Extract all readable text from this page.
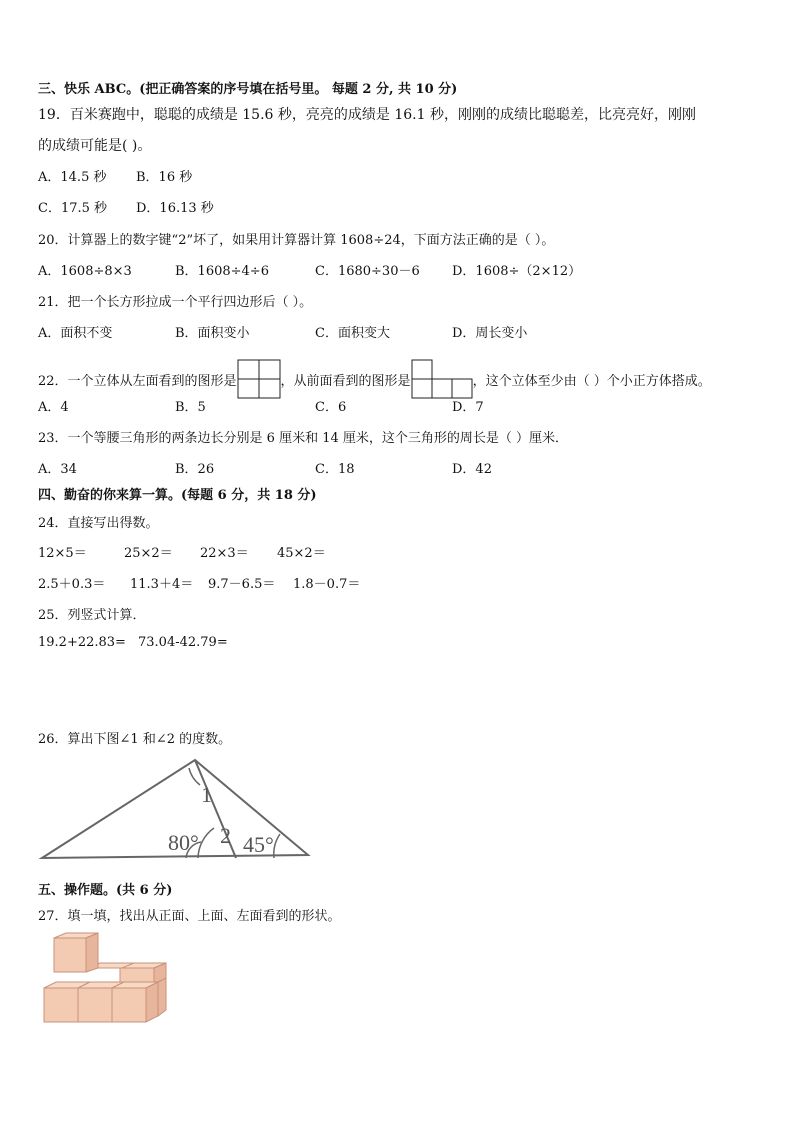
三、快乐 ABC。(把正确答案的序号填在括号里。 每题 2 分, 共 10 分)
19．百米赛跑中，聪聪的成绩是 15.6 秒，亮亮的成绩是 16.1 秒，刚刚的成绩比聪聪差，比亮亮好，刚刚
的成绩可能是( )。
A．14.5 秒 B．16 秒
C．17.5 秒 D．16.13 秒
20．计算器上的数字键“2”坏了，如果用计算器计算 1608÷24，下面方法正确的是（ ）。
A．1608÷8×3	B．1608÷4÷6	C．1680÷30－6 D．1608÷（2×12）
21．把一个长方形拉成一个平行四边形后（ ）。
A．面积不变	B．面积变小	C．面积变大	D．周长变小
22．一个立体从左面看到的图形是	，从前面看到的图形是	，这个立体至少由（ ）个小正方体搭成。
A．4	B．5	C．6	D．7
23．一个等腰三角形的两条边长分别是 6 厘米和 14 厘米，这个三角形的周长是（ ）厘米．
A．34	B．26	C．18	D．42
四、勤奋的你来算一算。(每题 6 分，共 18 分)
24．直接写出得数。
12×5＝	25×2＝ 22×3＝ 45×2＝
2.5＋0.3＝ 11.3＋4＝ 9.7－6.5＝ 1.8－0.7＝
25．列竖式计算．
19.2+22.83= 73.04-42.79=
26．算出下图∠1 和∠2 的度数。
1
2
80° 45°
五、操作题。(共 6 分)
27．填一填，找出从正面、上面、左面看到的形状。
